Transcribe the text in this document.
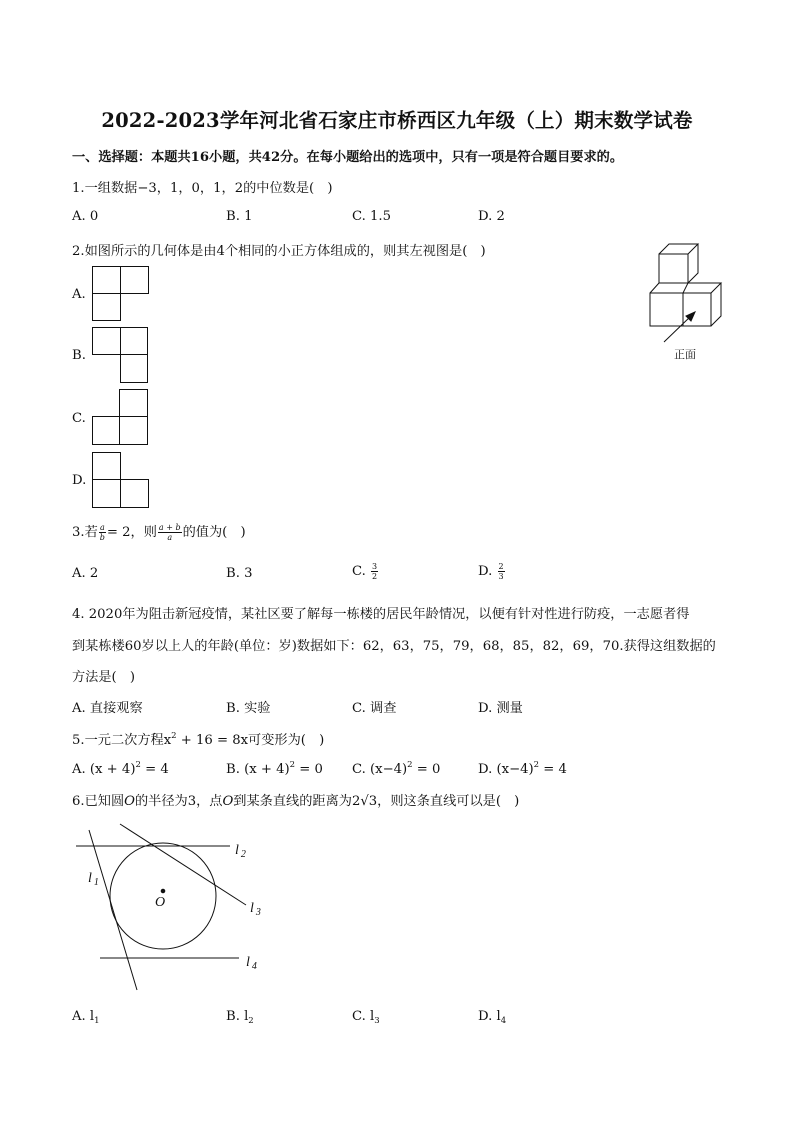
2022-2023学年河北省石家庄市桥西区九年级（上）期末数学试卷
一、选择题：本题共16小题，共42分。在每小题给出的选项中，只有一项是符合题目要求的。
1.一组数据−3，1，0，1，2的中位数是(　)
A. 0	B. 1	C. 1.5	D. 2
2.如图所示的几何体是由4个相同的小正方体组成的，则其左视图是(　)
正面
A.
B.
C.
D.
3.若 $\frac{a}{b} = 2$，则 $\frac{a + b}{a}$ 的值为(　)
A. 2	B. 3	C. $\frac{3}{2}$	D. $\frac{2}{3}$
4. 2020年为阻击新冠疫情，某社区要了解每一栋楼的居民年龄情况，以便有针对性进行防疫，一志愿者得
到某栋楼60岁以上人的年龄(单位：岁)数据如下：62，63，75，79，68，85，82，69，70.获得这组数据的
方法是(　)
A. 直接观察	B. 实验	C. 调查	D. 测量
5.一元二次方程$x^2 + 16 = 8x$可变形为(　)
A. $(x + 4)^2 = 4$	B. $(x + 4)^2 = 0$ C. $(x-4)^2 = 0$	D. $(x-4)^2 = 4$
6.已知圆O的半径为3，点O到某条直线的距离为2√3，则这条直线可以是(　)
O
l $_2$
l $_1$
l $_3$
l $_4$
A. $l_1$	B. $l_2$	C. $l_3$	D. $l_4$
